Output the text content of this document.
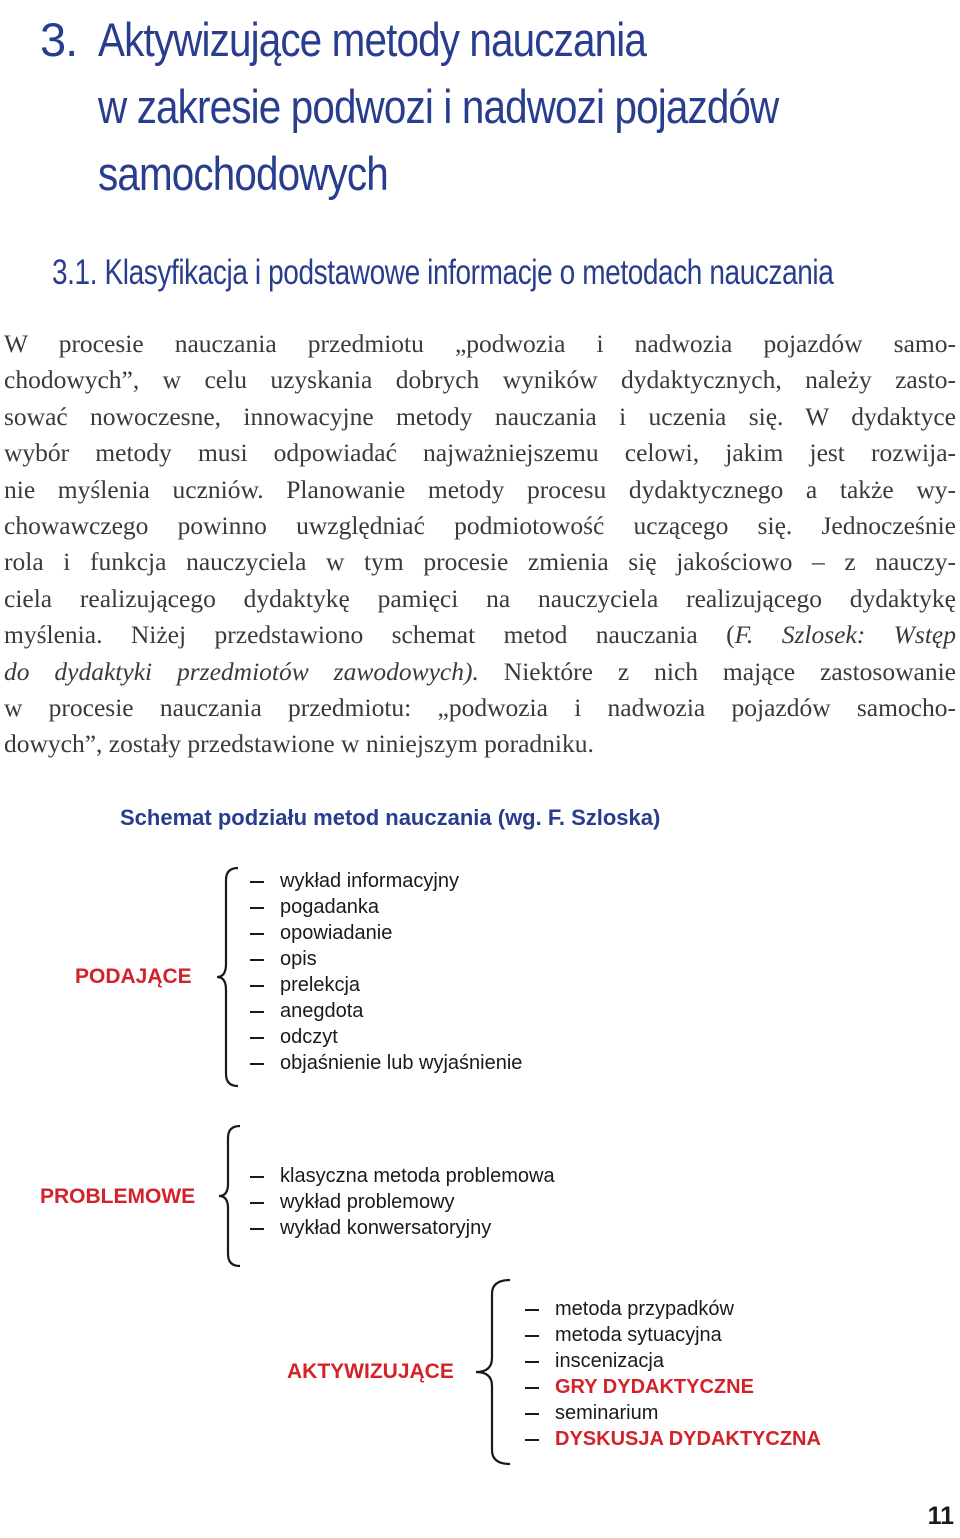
3. Aktywizujące metody nauczania
w zakresie podwozi i nadwozi pojazdów
samochodowych
3.1. Klasyfikacja i podstawowe informacje o metodach nauczania
W procesie nauczania przedmiotu „podwozia i nadwozia pojazdów samo-
chodowych”, w celu uzyskania dobrych wyników dydaktycznych, należy zasto-
sować nowoczesne, innowacyjne metody nauczania i uczenia się. W dydaktyce
wybór metody musi odpowiadać najważniejszemu celowi, jakim jest rozwija-
nie myślenia uczniów. Planowanie metody procesu dydaktycznego a także wy-
chowawczego powinno uwzględniać podmiotowość uczącego się. Jednocześnie
rola i funkcja nauczyciela w tym procesie zmienia się jakościowo – z nauczy-
ciela realizującego dydaktykę pamięci na nauczyciela realizującego dydaktykę
myślenia. Niżej przedstawiono schemat metod nauczania (F. Szlosek: Wstęp
do dydaktyki przedmiotów zawodowych). Niektóre z nich mające zastosowanie
w procesie nauczania przedmiotu: „podwozia i nadwozia pojazdów samocho-
dowych”, zostały przedstawione w niniejszym poradniku.
Schemat podziału metod nauczania (wg. F. Szloska)
PODAJĄCE
wykład informacyjny
pogadanka
opowiadanie
opis
prelekcja
anegdota
odczyt
objaśnienie lub wyjaśnienie
PROBLEMOWE
klasyczna metoda problemowa
wykład problemowy
wykład konwersatoryjny
AKTYWIZUJĄCE
metoda przypadków
metoda sytuacyjna
inscenizacja
GRY DYDAKTYCZNE
seminarium
DYSKUSJA DYDAKTYCZNA
11
